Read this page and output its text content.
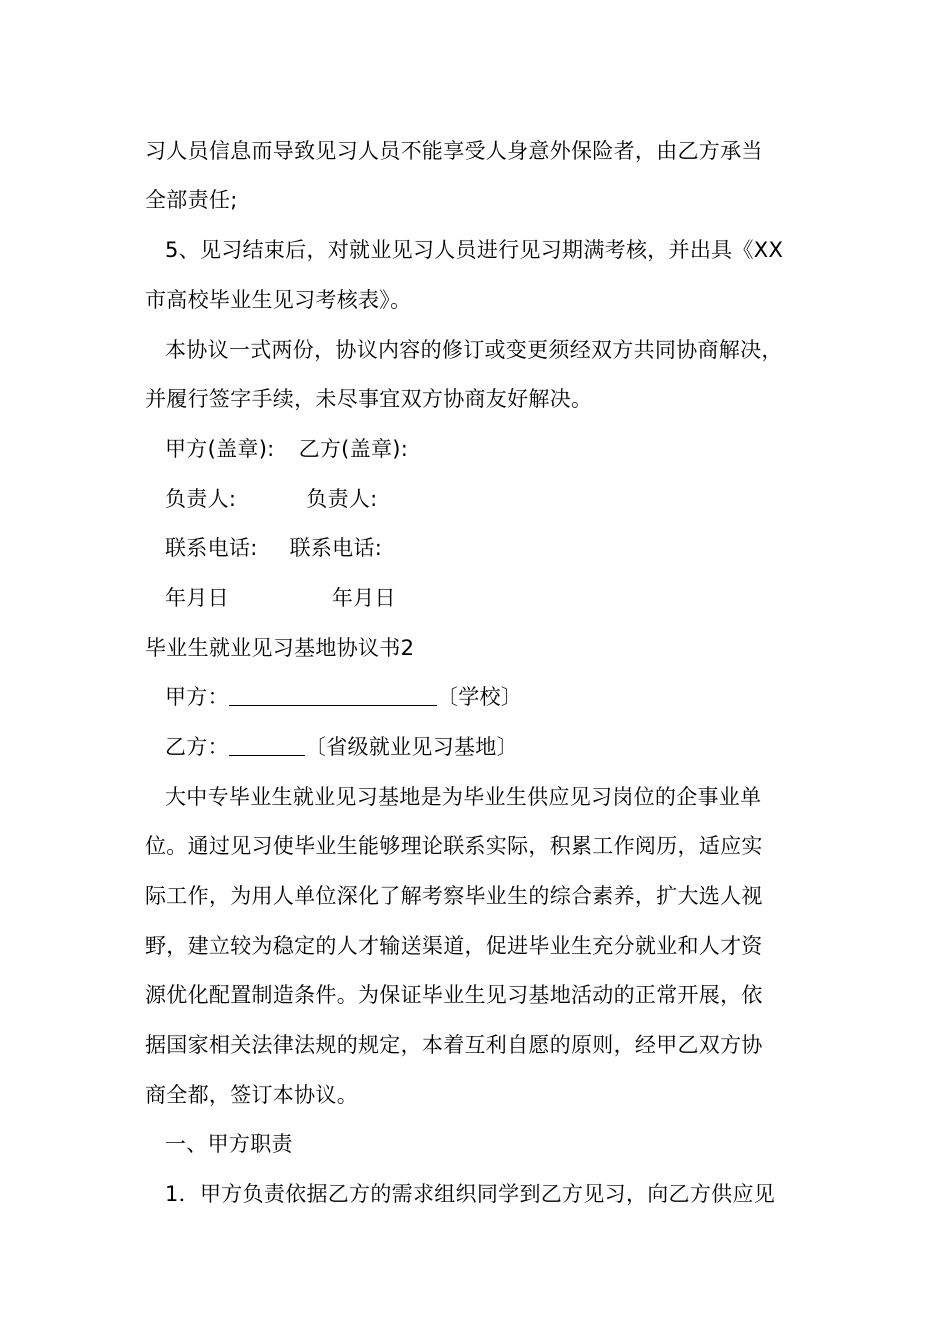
习人员信息而导致见习人员不能享受人身意外保险者，由乙方承当
全部责任;
5、见习结束后，对就业见习人员进行见习期满考核，并出具《XX
市高校毕业生见习考核表》。
本协议一式两份，协议内容的修订或变更须经双方共同协商解决，
并履行签字手续，未尽事宜双方协商友好解决。
甲方(盖章): 乙方(盖章):
负责人:	负责人:
联系电话: 联系电话:
年月日	年月日
毕业生就业见习基地协议书2
甲方：	〔学校〕
乙方：	〔省级就业见习基地〕
大中专毕业生就业见习基地是为毕业生供应见习岗位的企事业单
位。通过见习使毕业生能够理论联系实际，积累工作阅历，适应实
际工作，为用人单位深化了解考察毕业生的综合素养，扩大选人视
野，建立较为稳定的人才输送渠道，促进毕业生充分就业和人才资
源优化配置制造条件。为保证毕业生见习基地活动的正常开展，依
据国家相关法律法规的规定，本着互利自愿的原则，经甲乙双方协
商全都，签订本协议。
一、甲方职责
1．甲方负责依据乙方的需求组织同学到乙方见习，向乙方供应见
